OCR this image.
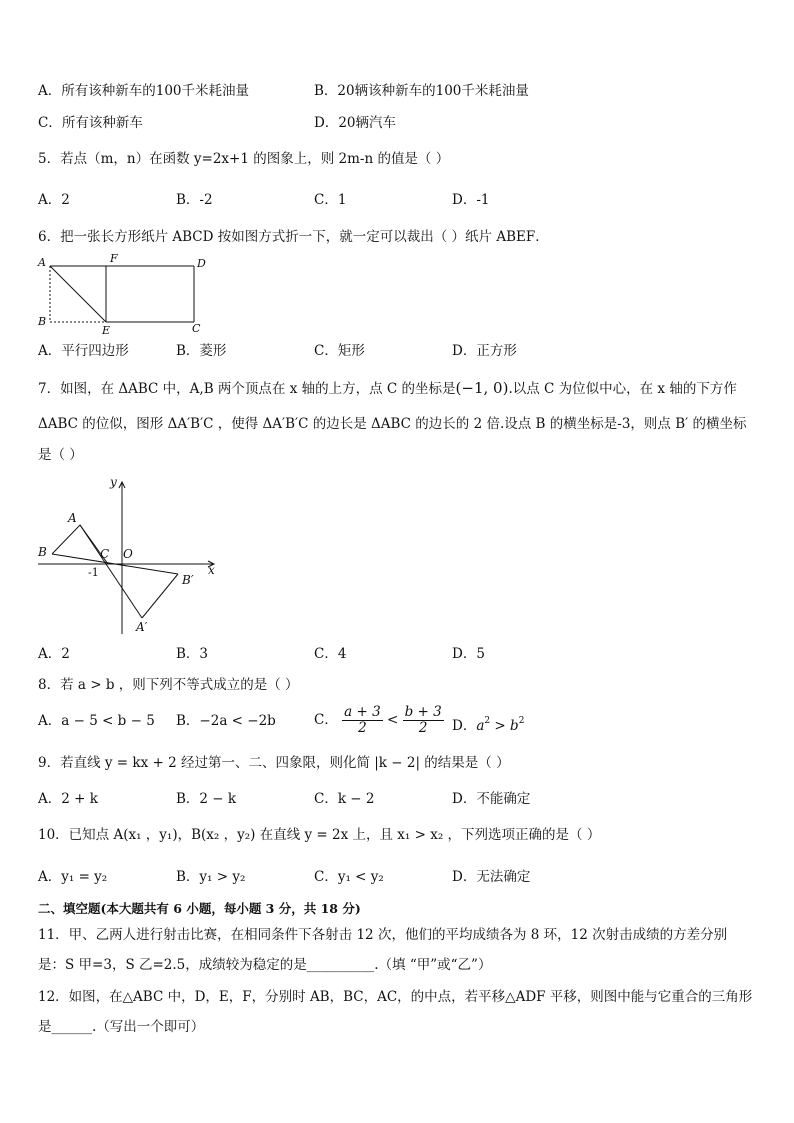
A．所有该种新车的100千米耗油量	B．20辆该种新车的100千米耗油量
C．所有该种新车	D．20辆汽车
5．若点（m，n）在函数 y=2x+1 的图象上，则 2m-n 的值是（ ）
A．2	B．-2	C．1	D．-1
6．把一张长方形纸片 ABCD 按如图方式折一下，就一定可以裁出（ ）纸片 ABEF．
A	F	D
B
E	C
A．平行四边形	B．菱形	C．矩形	D．正方形
7．如图，在 ΔABC 中，A,B 两个顶点在 x 轴的上方，点 C 的坐标是(−1, 0).以点 C 为位似中心，在 x 轴的下方作
ΔABC 的位似，图形 ΔA′B′C ，使得 ΔA′B′C 的边长是 ΔABC 的边长的 2 倍.设点 B 的横坐标是-3，则点 B′ 的横坐标
是（ ）
y
x
A
B	C O
B′
A′
-1
A．2	B．3	C．4	D．5
8．若 a > b ，则下列不等式成立的是（ ）
A．a − 5 < b − 5 B．−2a < −2b	C． $\frac{a + 3}{2} < \frac{b + 3}{2}$ D．$a^2 > b^2$
9．若直线 y = kx + 2 经过第一、二、四象限，则化简 |k − 2| 的结果是（ ）
A．2 + k	B．2 − k	C．k − 2	D．不能确定
10．已知点 A(x₁ ，y₁)，B(x₂ ，y₂) 在直线 y = 2x 上，且 x₁ > x₂ ，下列选项正确的是（ ）
A．y₁ = y₂	B．y₁ > y₂	C．y₁ < y₂	D．无法确定
二、填空题(本大题共有 6 小题，每小题 3 分，共 18 分)
11．甲、乙两人进行射击比赛，在相同条件下各射击 12 次，他们的平均成绩各为 8 环，12 次射击成绩的方差分别
是：S 甲=3，S 乙=2.5，成绩较为稳定的是__________.（填 “甲”或“乙”）
12．如图，在△ABC 中，D，E，F，分别时 AB，BC，AC，的中点，若平移△ADF 平移，则图中能与它重合的三角形
是______.（写出一个即可）
